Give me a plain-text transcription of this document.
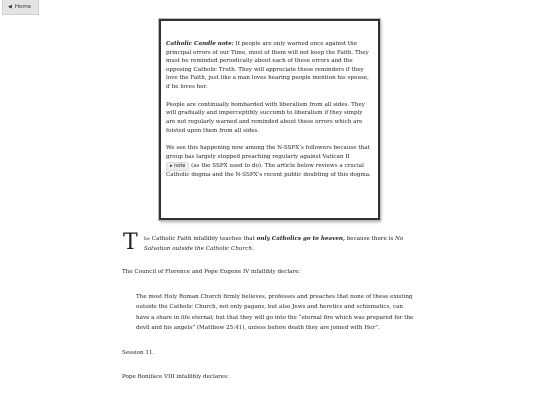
◀ Home

Catholic Candle note: If people are only warned once against the principal errors of our Time, most of them will not keep the Faith. They must be reminded periodically about each of these errors and the opposing Catholic Truth. They will appreciate these reminders if they love the Faith, just like a man loves hearing people mention his spouse, if he loves her.

People are continually bombarded with liberalism from all sides. They will gradually and imperceptibly succumb to liberalism if they simply are not regularly warned and reminded about these errors which are foisted upon them from all sides.

We see this happening now among the N-SSPX’s followers because that group has largely stopped preaching regularly against Vatican II ▸ note (as the SSPX used to do). The article below reviews a crucial Catholic dogma and the N-SSPX’s recent public doubting of this dogma.

T he Catholic Faith infallibly teaches that only Catholics go to heaven, because there is No Salvation outside the Catholic Church.

The Council of Florence and Pope Eugene IV infallibly declare:

The most Holy Roman Church firmly believes, professes and preaches that none of these existing outside the Catholic Church, not only pagans, but also Jews and heretics and schismatics, can have a share in life eternal; but that they will go into the “eternal fire which was prepared for the devil and his angels” (Matthew 25:41), unless before death they are joined with Her”.

Session 11.

Pope Boniface VIII infallibly declares:
